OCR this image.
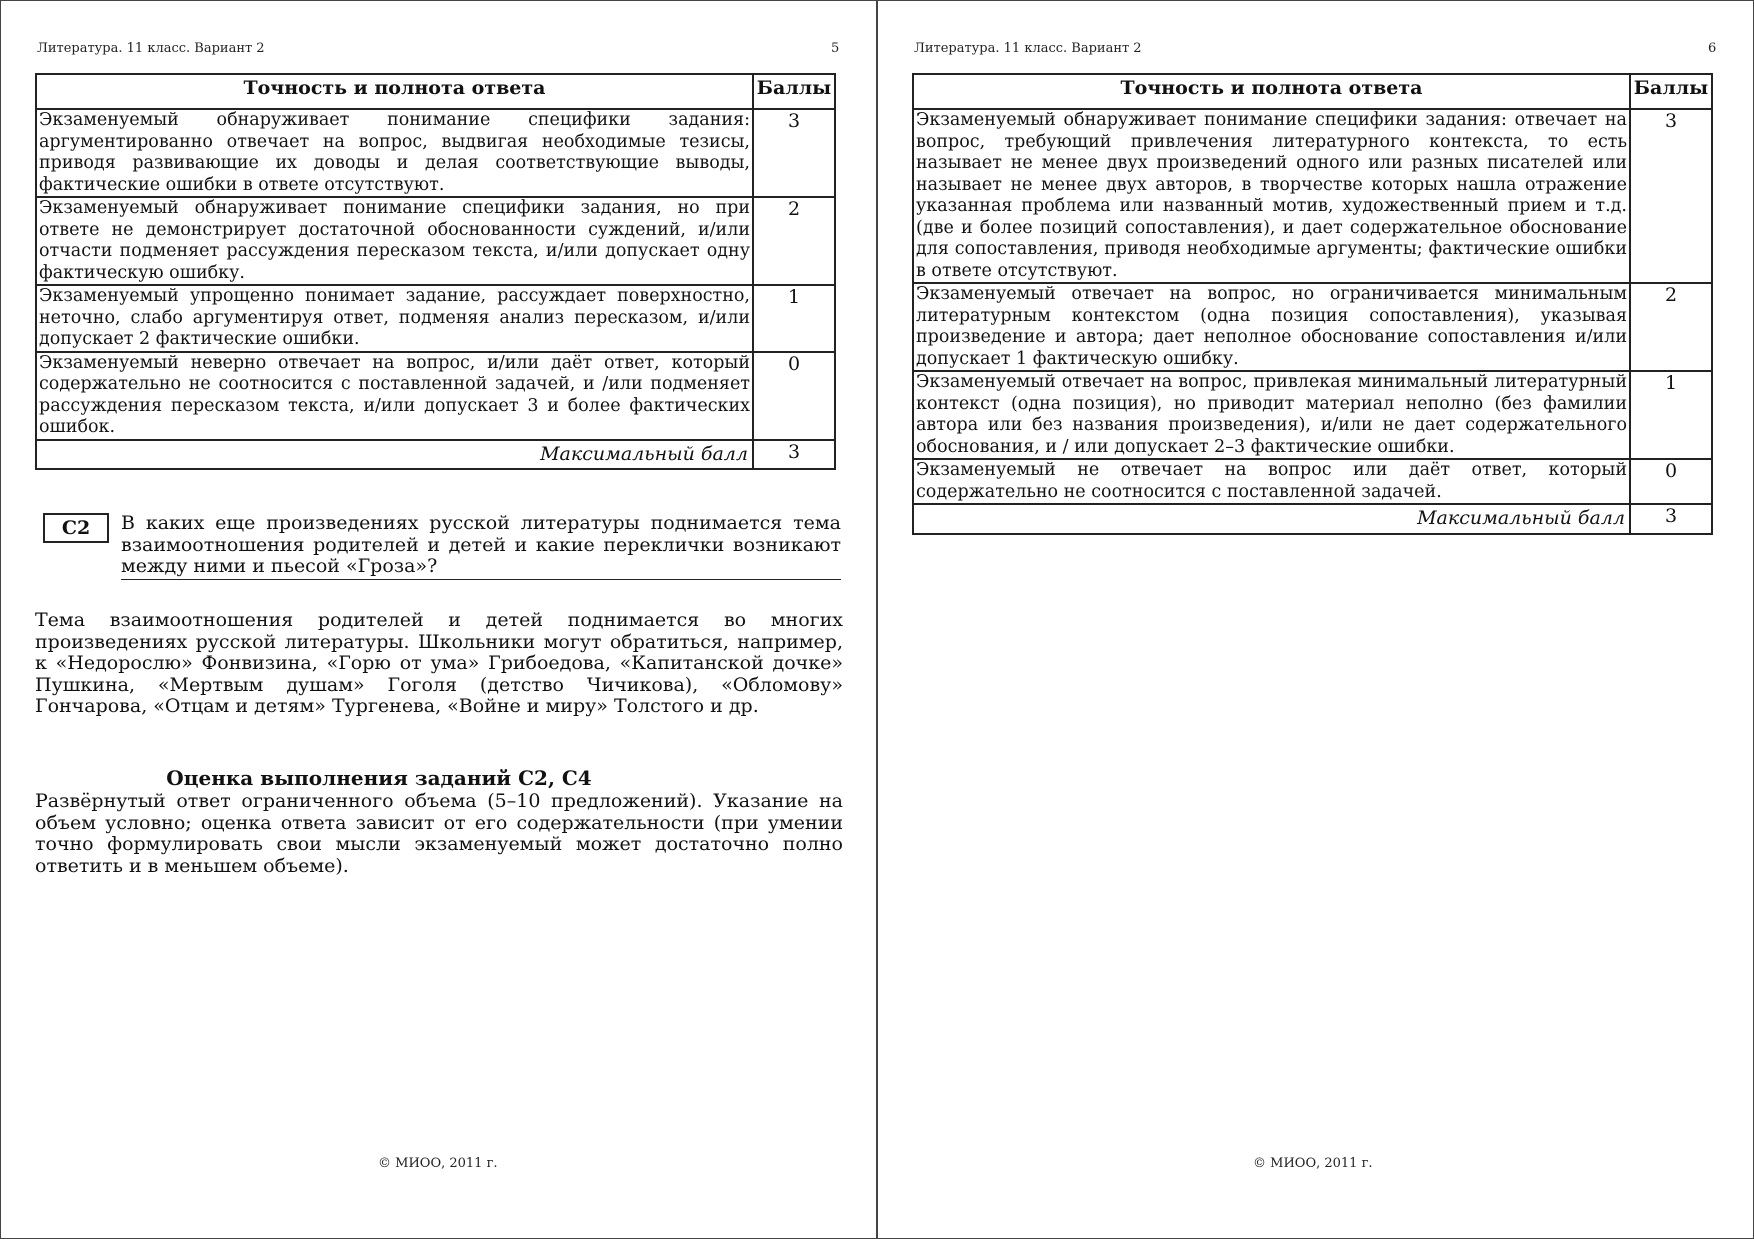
Литература. 11 класс. Вариант 2	5
Точность и полнота ответа	Баллы
Экзаменуемый обнаруживает понимание специфики задания: аргументированно отвечает на вопрос, выдвигая необходимые тезисы, приводя развивающие их доводы и делая соответствующие выводы, фактические ошибки в ответе отсутствуют.	3
Экзаменуемый обнаруживает понимание специфики задания, но при ответе не демонстрирует достаточной обоснованности суждений, и/или отчасти подменяет рассуждения пересказом текста, и/или допускает одну фактическую ошибку.	2
Экзаменуемый упрощенно понимает задание, рассуждает поверхностно, неточно, слабо аргументируя ответ, подменяя анализ пересказом, и/или допускает 2 фактические ошибки.	1
Экзаменуемый неверно отвечает на вопрос, и/или даёт ответ, который содержательно не соотносится с поставленной задачей, и /или подменяет рассуждения пересказом текста, и/или допускает 3 и более фактических ошибок.	0
Максимальный балл	3
C2	В каких еще произведениях русской литературы поднимается тема взаимоотношения родителей и детей и какие переклички возникают между ними и пьесой «Гроза»?
Тема взаимоотношения родителей и детей поднимается во многих произведениях русской литературы. Школьники могут обратиться, например, к «Недорослю» Фонвизина, «Горю от ума» Грибоедова, «Капитанской дочке» Пушкина, «Мертвым душам» Гоголя (детство Чичикова), «Обломову» Гончарова, «Отцам и детям» Тургенева, «Войне и миру» Толстого и др.
Оценка выполнения заданий С2, С4
Развёрнутый ответ ограниченного объема (5–10 предложений). Указание на объем условно; оценка ответа зависит от его содержательности (при умении точно формулировать свои мысли экзаменуемый может достаточно полно ответить и в меньшем объеме).
© МИОО, 2011 г.
Литература. 11 класс. Вариант 2	6
Точность и полнота ответа	Баллы
Экзаменуемый обнаруживает понимание специфики задания: отвечает на вопрос, требующий привлечения литературного контекста, то есть называет не менее двух произведений одного или разных писателей или называет не менее двух авторов, в творчестве которых нашла отражение указанная проблема или названный мотив, художественный прием и т.д. (две и более позиций сопоставления), и дает содержательное обоснование для сопоставления, приводя необходимые аргументы; фактические ошибки в ответе отсутствуют.	3
Экзаменуемый отвечает на вопрос, но ограничивается минимальным литературным контекстом (одна позиция сопоставления), указывая произведение и автора; дает неполное обоснование сопоставления и/или допускает 1 фактическую ошибку.	2
Экзаменуемый отвечает на вопрос, привлекая минимальный литературный контекст (одна позиция), но приводит материал неполно (без фамилии автора или без названия произведения), и/или не дает содержательного обоснования, и / или допускает 2–3 фактические ошибки.	1
Экзаменуемый не отвечает на вопрос или даёт ответ, который содержательно не соотносится с поставленной задачей.	0
Максимальный балл	3
© МИОО, 2011 г.
